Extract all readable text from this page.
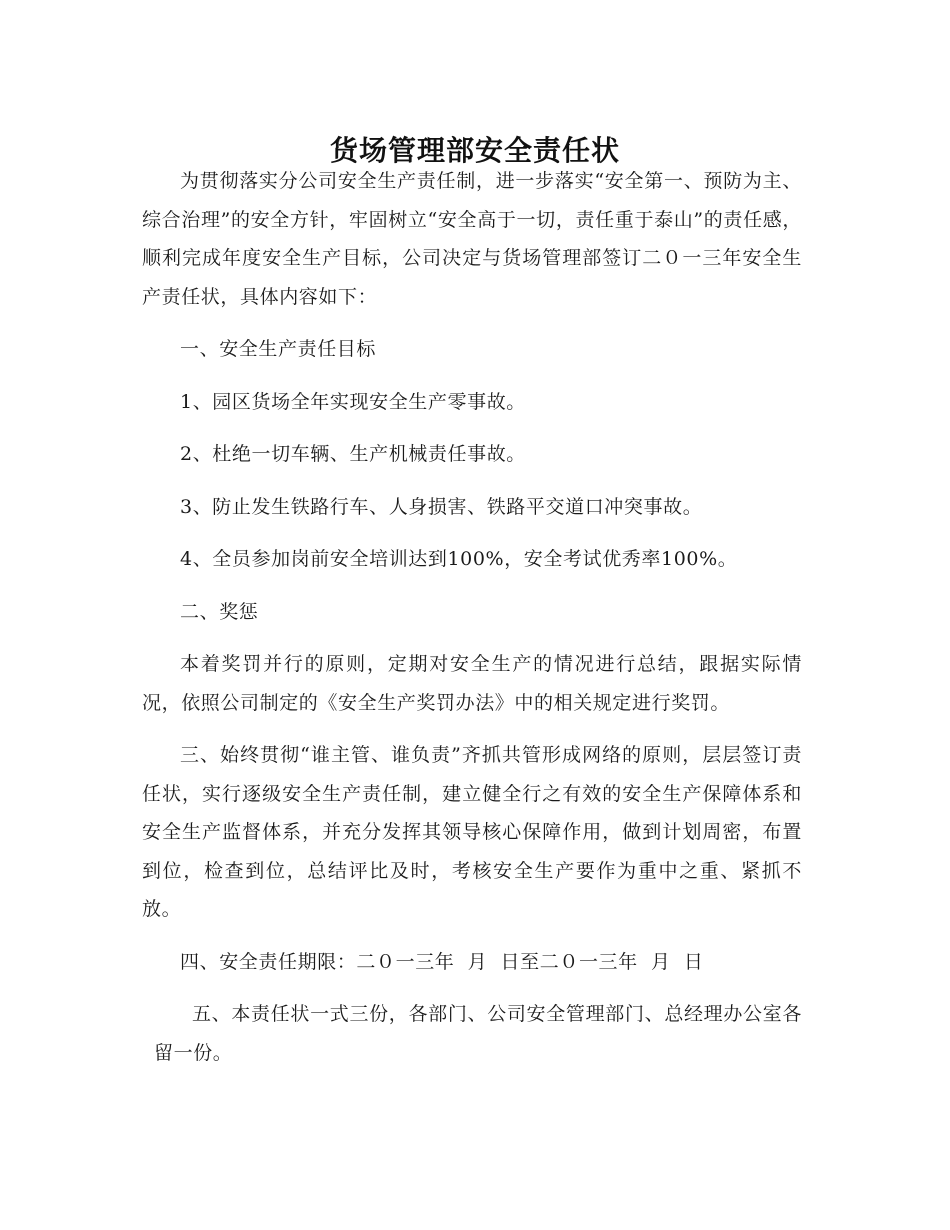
货场管理部安全责任状

为贯彻落实分公司安全生产责任制，进一步落实“安全第一、预防为主、综合治理”的安全方针，牢固树立“安全高于一切，责任重于泰山”的责任感，顺利完成年度安全生产目标，公司决定与货场管理部签订二０一三年安全生产责任状，具体内容如下：

一、安全生产责任目标

1、园区货场全年实现安全生产零事故。

2、杜绝一切车辆、生产机械责任事故。

3、防止发生铁路行车、人身损害、铁路平交道口冲突事故。

4、全员参加岗前安全培训达到100%，安全考试优秀率100%。

二、奖惩

本着奖罚并行的原则，定期对安全生产的情况进行总结，跟据实际情况，依照公司制定的《安全生产奖罚办法》中的相关规定进行奖罚。

三、始终贯彻“谁主管、谁负责”齐抓共管形成网络的原则，层层签订责任状，实行逐级安全生产责任制，建立健全行之有效的安全生产保障体系和安全生产监督体系，并充分发挥其领导核心保障作用，做到计划周密，布置到位，检查到位，总结评比及时，考核安全生产要作为重中之重、紧抓不放。

四、安全责任期限：二０一三年  月  日至二０一三年  月  日

五、本责任状一式三份，各部门、公司安全管理部门、总经理办公室各留一份。
